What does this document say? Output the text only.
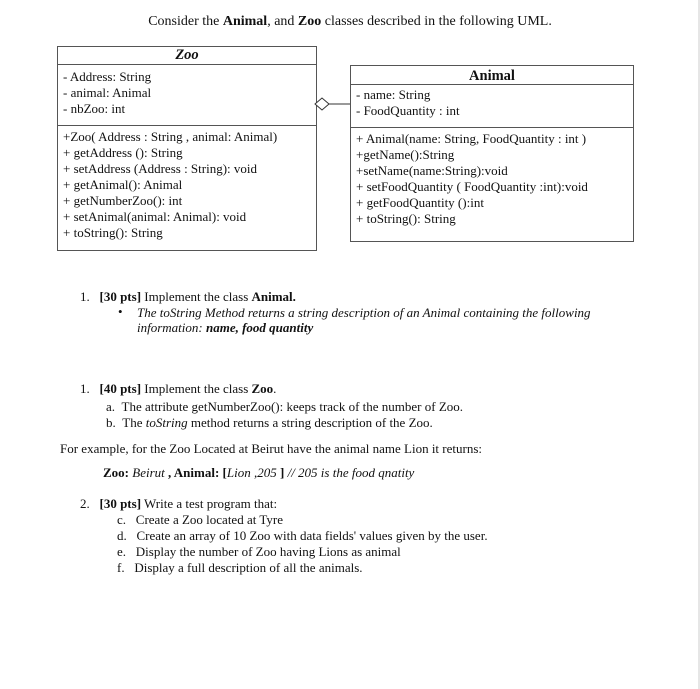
Consider the Animal, and Zoo classes described in the following UML.
Zoo
- Address: String
- animal: Animal
- nbZoo: int
+Zoo( Address : String , animal: Animal)
+ getAddress (): String
+ setAddress (Address : String): void
+ getAnimal(): Animal
+ getNumberZoo(): int
+ setAnimal(animal: Animal): void
+ toString(): String
Animal
- name: String
- FoodQuantity : int
+ Animal(name: String, FoodQuantity : int )
+getName():String
+setName(name:String):void
+ setFoodQuantity ( FoodQuantity :int):void
+ getFoodQuantity ():int
+ toString(): String
1. [30 pts] Implement the class Animal.
• The toString Method returns a string description of an Animal containing the following
information: name, food quantity
1. [40 pts] Implement the class Zoo.
a. The attribute getNumberZoo(): keeps track of the number of Zoo.
b. The toString method returns a string description of the Zoo.
For example, for the Zoo Located at Beirut have the animal name Lion it returns:
Zoo: Beirut , Animal: [Lion ,205 ] // 205 is the food qnatity
2. [30 pts] Write a test program that:
c. Create a Zoo located at Tyre
d. Create an array of 10 Zoo with data fields' values given by the user.
e. Display the number of Zoo having Lions as animal
f. Display a full description of all the animals.
